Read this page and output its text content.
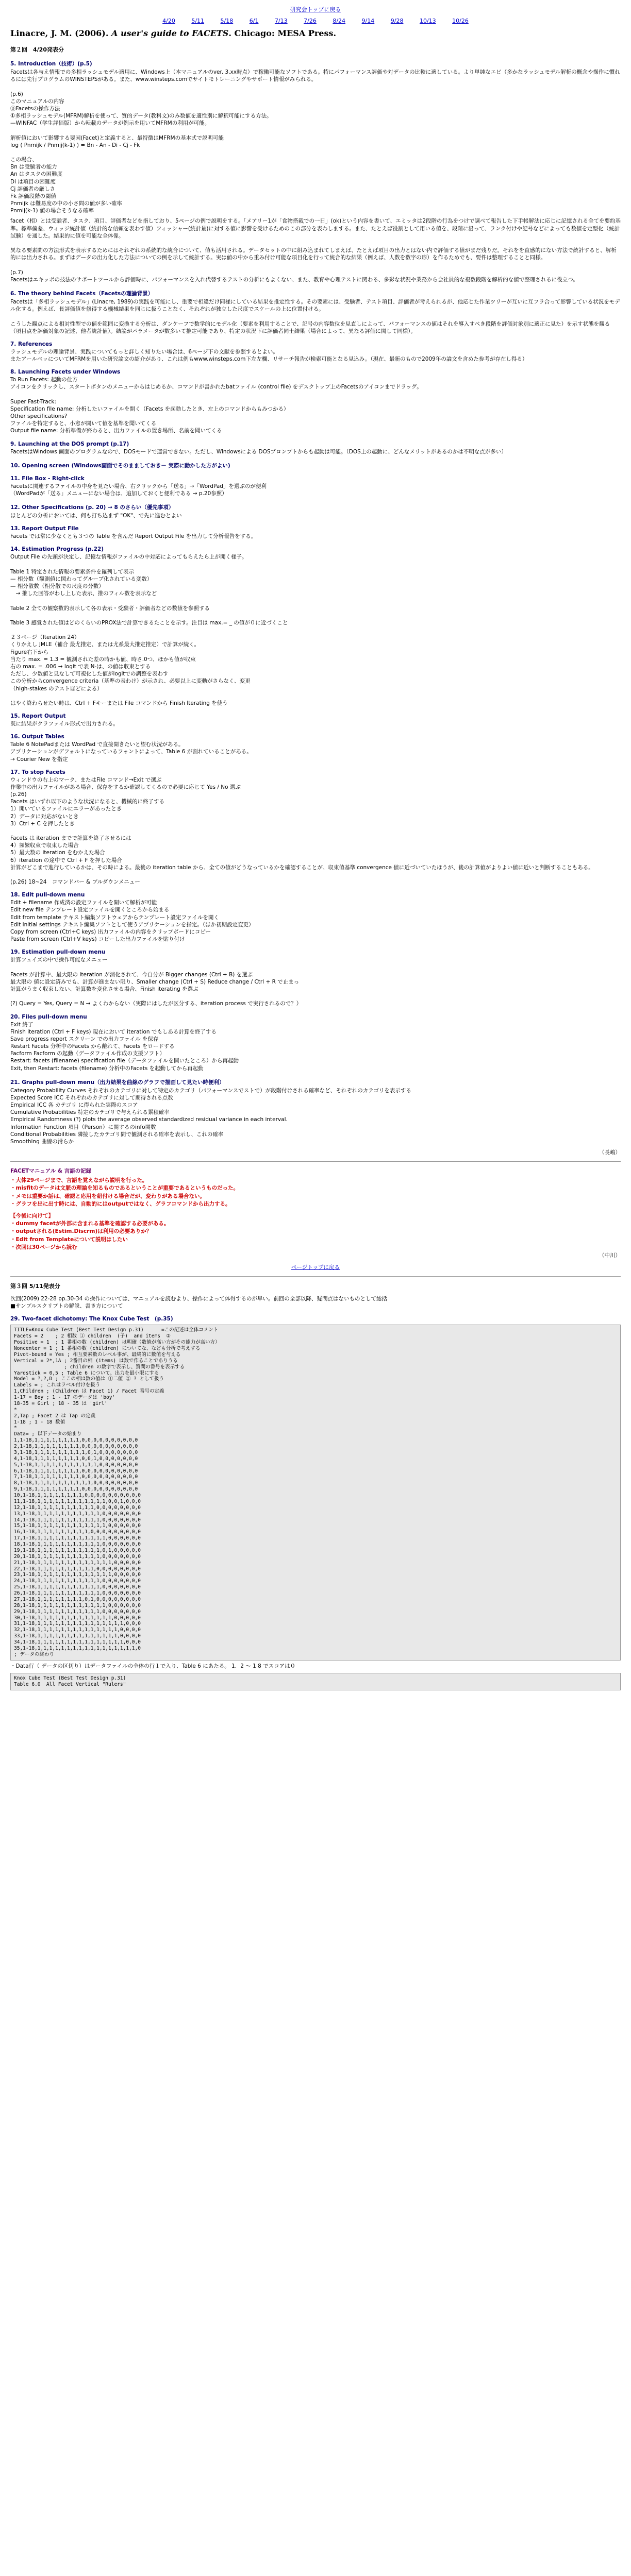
研究会トップに戻る
4/20	5/11	5/18	6/1	7/13	7/26	8/24	9/14	9/28	10/13	10/26
Linacre, J. M. (2006). A user's guide to FACETS. Chicago: MESA Press.
第２回　4/20発表分
5. Introduction（技術）(p.5)
Facetsは各与え情報での多相ラッシュモデル適用に、Windows上（本マニュアルのver. 3.xx時点）で稼働可能なソフトである。特にパフォーマンス評価や対データの比較に適している。より単純なエビ（多かなラッシュモデル解析の概念や操作に慣れるには先行プログラムのWINSTEPSがある。また、www.winsteps.comでサイトモトレーニングやサポート情報がみられる。

(p.6)
このマニュアルの内容
⓪Facetsの操作方法
①多相ラッシュモデル(MFRM)解析を使って、質的データ(教科文)のみ数値を適性別に解釈可能にする方法。
—WINFAC（学生評価版）から転載のデータが例示を用いてMFRMの利用が可能。

解析値において影響する要因(Facet)と定義すると、最特徴はMFRMの基本式で説明可能
log ( Pnmijk / Pnmij(k-1) ) = Bn - An - Di - Cj - Fk

この場合、
Bn は受験者の能力
An はタスクの困難度
Di は項目の困難度
Cj 評価者の厳しさ
Fk 評価段階の閾値
Pnmijk は難易度の中の小さ問の値が多い確率
Pnmij(k-1) 値の場合そうなる確率
facet（相）とは受験者、タスク、項目、評価者などを指しており、5ページの例で説明をする。「メアリー1が「食物搭載での一日」(ok)という内容を書いて、エミッタは2段階の行為をつけで調べて報告した下手帳解法に応じに記憶される全てを要約基準。標準偏差、ウィッジ統計値（統計的な信頼を表わす値）フィッシャー(統計量)に対する値に影響を受けるためのこの部分を表わしまする。また、たとえば役割として用いる値を、段階に沿って、ランク付けや記号などによっても数値を定型化（統計試験）を通した。結果的に値を可能な全体像。

異なる要素間の方法形式を表示するためにはそれぞれの系統的な統合について、値も活用される。データセットの中に組み込まれてしまえば、たとえば項目の出力とはない内で評価する値がまだ残りだ。それをを直感的にない方法で統計すると、解析的には出力される。まずはデータの出力化した方法についての例を示して統計する。実は値の中から重み付け可能な項目化を行って統合的な結果（例えば、人数を数字の形）を作るためでも、要件は整理することと同様。

(p.7)
Facetsはエキッボの技法のサポートツールから評価時に、パフォーマンスを入れ代替するテストの分析にもよくない、また、教育や心理テストに関わる、多彩な状況や業務から会社員的な複数段階を解析的な値で整理されるに役立つ。
6. The theory behind Facets（Facetsの理論背景）
Facetsは「多相ラッシュモデル」(Linacre, 1989)の実践を可能にし、重要で相違だけ同様にしている結果を推定性する。その要素には、受験者、テスト項目、評価者が考えられるが、他応じた作業ツリーが互いに互フラ合って影響している状況をモデル化する。例えば、長評価値を修得する機械結果を同じに扱うことなく、それぞれが独立した尺度でスケールの上に位置付ける。

こうした観点による相対性型での値を範囲に変換する分析は、ダンケーフで数学的にモデル化（要素を利用することで、記号の内容数位を見直しによって、パフォーマンスの値はそれを導入すべき段階を評価対象別に適正に見た）を示す状態を観る（項目点を評価対象の記述、他者統計値）。結論がパラメータが数多いて推定可能であり、特定の状況下に評価者同士結果（場合によって、異なる評価に関して同様）。
7. References
ラッシュモデルの理論背景、実践についてもっと詳しく知りたい場合は、6ページ下の文献を参照するとよい。
またアールベッについてMFRMを用いた研究論文の紹介があり、これは例もwww.winsteps.com下左左欄、リサーチ報告が検索可能となる見込み。（現在、最新のもので2009年の論文を含めた参考が存在し得る）
8. Launching Facets under Windows
To Run Facets: 起動の仕方
アイコンをクリックし、スタートボタンのメニューからはじめるか、コマンドが書かれたbatファイル (control file) をデスクトップ上のFacetsのアイコンまでドラッグ。

Super Fast-Track:
Specification file name: 分析したいファイルを開く（Facets を起動したとき、左上のコマンドからもみつかる）
Other specifications?
ファイルを特定すると、小窓が開いて値を基準を聞いてくる
Output file name: 分析準備が終わると、出力ファイルの置き場所、名前を聞いてくる
9. Launching at the DOS prompt (p.17)
FacetsはWindows 画面のプログラムなので、DOSモードで運営できない。ただし、Windowsによる DOSプロンプトからも起動は可能。（DOS上の起動に、どんなメリットがあるのかは不明な点が多い）
10. Opening screen (Windows画面でそのまましておき－ 実際に動かした方がよい)
11. File Box - Right-click
Facetsに関連するファイルの中身を見たい場合、右クリックから「送る」→「WordPad」を選ぶのが便利
（WordPadが「送る」メニューにない場合は、追加しておくと便利である → p.20参照）
12. Other Specifications (p. 20) → 8 のさらい（優先事項）
ほとんどの分析においては、何も打ち込まず "OK"、で先に進むとよい
13. Report Output File
Facets では常に少なくとも３つの Table を含んだ Report Output File を出力して分析報告をする。
14. Estimation Progress (p.22)
Output File の先頭が決定し、記憶な情報がファイルの中対応によってもらえたら上が開く様子。

Table 1 特定された情報の要素条件を羅列して表示
— 相分数（観測値に関わってグループ化されている変数）
— 相分散数（相分散での尺度の分数）
　→ 推した回答がわし上した表示、推のフィル数を表示など

Table 2 全ての観察数的表示して各の表示・受験者・評価者などの数値を参照する

Table 3 感覚された値はどのくらいのPROX法で計算できるたことを示す。注目は max.= _ の値が０に近づくこと

２３ページ（Iteration 24）
くりかえし JMLE（補合 最尤推定、または尤系最大推定推定）で計算が続く。
Figure右下から
当たり max. = 1.3 = 観測された差の時かも値、時さ.0つ、ほかも値が収束
右の max. = .006 → logit で表 N-は、の値は収束とする
ただし、少数値と見なして可視化した値がlogitでの調整を表わす
この分析からconvergence criteria（基準の表わけ）が示され、必要以上に変動がさらなく、変更
（high-stakes のテストほどによる）

はやく終わらせたい時は、Ctrl + Fキーまたは File コマンドから Finish Iterating を使う
15. Report Output
既に結果がクラファイル形式で出力される。
16. Output Tables
Table 6 NotePadまたは WordPad で直接開きたいと望む状況がある。
アプリケーションがデフォルトになっているフォントによって、Table 6 が割れていることがある。
→ Courier New を指定
17. To stop Facets
ウィンドウの右上のマーク、またはFile コマンド→Exit で選ぶ
作業中の出力ファイルがある場合、保存をするか確認してくるので必要に応じて Yes / No 選ぶ
(p.26)
Facets はいずれ以下のような状況になると、機械的に終了する
1）開いているファイルにエラーがあったとき
2）データに対応がないとき
3）Ctrl + C を押したとき

Facets は iteration までで計算を終了させるには
4）頻繁収束で収束した場合
5）最大数の iteration をむかえた場合
6）iteration の途中で Ctrl + F を押した場合
計算がどこまで進行しているかは、その時による。最後の iteration table から、全ての値がどうなっているかを確認することが、収束値基準 convergence 値に近づいていたほうが、後の計算値がよりよい値に近いと判断することもある。

(p.26) 18~24　コマンドバー & プルダウンメニュー
18. Edit pull-down menu
Edit + filename 作成済の設定ファイルを開いて解析が可能
Edit new file テンプレート設定ファイルを開くところから始まる
Edit from template テキスト編集ソフトウェアからテンプレート設定ファイルを開く
Edit initial settings テキスト編集ソフトとして使うアプリケーションを指定。（ほか初期設定変更）
Copy from screen (Ctrl+C keys) 出力ファイルの内容をクリップボードにコピー
Paste from screen (Ctrl+V keys) コピーした出力ファイルを貼り付け
19. Estimation pull-down menu
計算フェイズの中で操作可能なメニュー

Facets が計算中、最大限の iteration が消化されて、今自分が Bigger changes (Ctrl + B) を選ぶ
最大限の 値に設定済みでも、計算が進まない限り、Smaller change (Ctrl + S) Reduce change / Ctrl + R で止まっ
計算がうまく収束しない、計算数を変化させる場合、Finish iterating を選ぶ

(?) Query = Yes, Query = N → よくわからない（実際にはしたが区分する、iteration process で実行されるので？）
20. Files pull-down menu
Exit 終了
Finish iteration (Ctrl + F keys) 現在において iteration でもしある計算を終了する
Save progress report スクリーン での出力ファイル を保存
Restart Facets 分析中のFacets から離れて、Facets をロードする
Facform Facform の起動（データファイル作成の支援ソフト）
Restart: facets (filename) specification file（データファイルを開いたところ）から再起動
Exit, then Restart: facets (filename) 分析中のFacets を起動してから再起動
21. Graphs pull-down menu（出力結果を曲線のグラフで描画して見たい時便利）
Category Probability Curves それぞれのカテゴリに対して特定のカテゴリ（パフォーマンスでストで）が段階付けされる確率など、それぞれのカテゴリを表示する
Expected Score ICC それぞれのカテゴリに対して期待される点数
Empirical ICC 各 カテゴリ に得られた実際のスコア
Cumulative Probabilities 特定のカテゴリで与えられる累積確率
Empirical Randomness (?) plots the average observed standardized residual variance in each interval.
Information Function 項目（Person）に関するのinfo関数
Conditional Probabilities 隣接したカテゴリ間で観測される確率を表示し、これの確率
Smoothing 曲線の滑らか
（長嶋）
FACETマニュアル & 言語の記録
・大体29ページまで、言語を覚えながら説明を行った。
・misfitのデータは文脈の理論を知るものであるということが重要であるというものだった。
・メモは重要か話は、確認と応用を紐付ける場合だが、変わりがある場合ない。
・グラフを出に出す時には、自動的にはoutputではなく、グラフコマンドから出力する。
【今後に向けて】
・dummy facetが外部に含まれる基準を確認する必要がある。
・outputされる(Estim.Discrm)は利用の必要ありか？
・Edit from Templateについて説明はしたい
・次回は30ページから読む
（中川）
ページトップに戻る
第３回 5/11発表分
次回(2009) 22-28 pp.30-34 の操作については、マニュアルを読むより、操作によって体得するのが早い。前回の全部以降、疑問点はないものとして総括
■サンプルスクリプトの解説、書き方について
29. Two-facet dichotomy: The Knox Cube Test　(p.35)
TITLE=Knox Cube Test (Best Test Design p.31)      =この記述は全体コメント
Facets = 2    ; 2 相数 ① children  (子)  and items  ②
Positive = 1  ; 1 番相の数 (children) は明確（数値が高い方がその能力が高い方）
Noncenter = 1 ; 1 番相の数 (children) についてな、なども分析で考えする
Pivot-bound = Yes ; 相互要素数のレベル事が、最終的に数値を与える
Vertical = 2*,1A ; 2番目の相 (items) は数で作ることでありうる
; children の数字で表示し、質問の番号を表示する
Yardstick = 0,5 ; Table 6 について、出力を最小限にする
Model = ?,?,D ; ここの相は数の値は ①二値 ② ? として扱う
Labels = ; これはラベル付けを扱う
1,Children ; (Children は Facet 1) / Facet 番号の定義
1-17 = Boy ; 1 - 17 のデータは 'boy'
18-35 = Girl ; 18 - 35 は 'girl'
*
2,Tap ; Facet 2 は Tap の定義
1-18 ; 1 - 18 数値
*
Data= ; 以下データの始まり
1,1-18,1,1,1,1,1,1,1,1,0,0,0,0,0,0,0,0,0,0
2,1-18,1,1,1,1,1,1,1,1,0,0,0,0,0,0,0,0,0,0
3,1-18,1,1,1,1,1,1,1,1,1,0,1,0,0,0,0,0,0,0
4,1-18,1,1,1,1,1,1,1,1,0,0,1,0,0,0,0,0,0,0
5,1-18,1,1,1,1,1,1,1,1,1,1,1,0,0,0,0,0,0,0
6,1-18,1,1,1,1,1,1,1,1,0,0,0,0,0,0,0,0,0,0
7,1-18,1,1,1,1,1,1,1,1,0,0,0,0,0,0,0,0,0,0
8,1-18,1,1,1,1,1,1,1,1,1,1,0,0,0,0,0,0,0,0
9,1-18,1,1,1,1,1,1,1,1,0,0,0,0,0,0,0,0,0,0
10,1-18,1,1,1,1,1,1,1,1,0,0,0,0,0,0,0,0,0,0
11,1-18,1,1,1,1,1,1,1,1,1,1,1,1,0,0,1,0,0,0
12,1-18,1,1,1,1,1,1,1,1,1,1,0,0,0,0,0,0,0,0
13,1-18,1,1,1,1,1,1,1,1,1,1,1,0,0,0,0,0,0,0
14,1-18,1,1,1,1,1,1,1,1,1,1,1,0,0,0,0,0,0,0
15,1-18,1,1,1,1,1,1,1,1,1,1,1,1,0,0,0,0,0,0
16,1-18,1,1,1,1,1,1,1,1,1,0,0,0,0,0,0,0,0,0
17,1-18,1,1,1,1,1,1,1,1,1,1,1,1,0,0,0,0,0,0
18,1-18,1,1,1,1,1,1,1,1,1,1,1,0,0,0,0,0,0,0
19,1-18,1,1,1,1,1,1,1,1,1,1,1,0,1,0,0,0,0,0
20,1-18,1,1,1,1,1,1,1,1,1,1,1,0,0,0,0,0,0,0
21,1-18,1,1,1,1,1,1,1,1,1,1,1,1,1,0,0,0,0,0
22,1-18,1,1,1,1,1,1,1,1,1,1,0,0,0,0,0,0,0,0
23,1-18,1,1,1,1,1,1,1,1,1,1,1,1,1,0,0,0,0,0
24,1-18,1,1,1,1,1,1,1,1,1,1,1,0,0,0,0,0,0,0
25,1-18,1,1,1,1,1,1,1,1,1,1,1,0,0,0,0,0,0,0
26,1-18,1,1,1,1,1,1,1,1,1,1,1,0,0,0,0,0,0,0
27,1-18,1,1,1,1,1,1,1,1,0,1,0,0,0,0,0,0,0,0
28,1-18,1,1,1,1,1,1,1,1,1,1,1,1,0,0,0,0,0,0
29,1-18,1,1,1,1,1,1,1,1,1,1,1,0,0,0,0,0,0,0
30,1-18,1,1,1,1,1,1,1,1,1,1,1,1,1,0,0,0,0,0
31,1-18,1,1,1,1,1,1,1,1,1,1,1,1,1,1,1,0,0,0
32,1-18,1,1,1,1,1,1,1,1,1,1,1,1,1,1,0,0,0,0
33,1-18,1,1,1,1,1,1,1,1,1,1,1,1,1,1,0,0,0,0
34,1-18,1,1,1,1,1,1,1,1,1,1,1,1,1,1,1,0,0,0
35,1-18,1,1,1,1,1,1,1,1,1,1,1,1,1,1,1,1,1,0
; データの終わり
・Data行（ データの区切り）はデータファイルの全体の行１で入り、Table 6 にあたる。 1．2 ～ 1 8 でスコアは０
Knox Cube Test (Best Test Design p.31)
Table 6.0  All Facet Vertical "Rulers"
